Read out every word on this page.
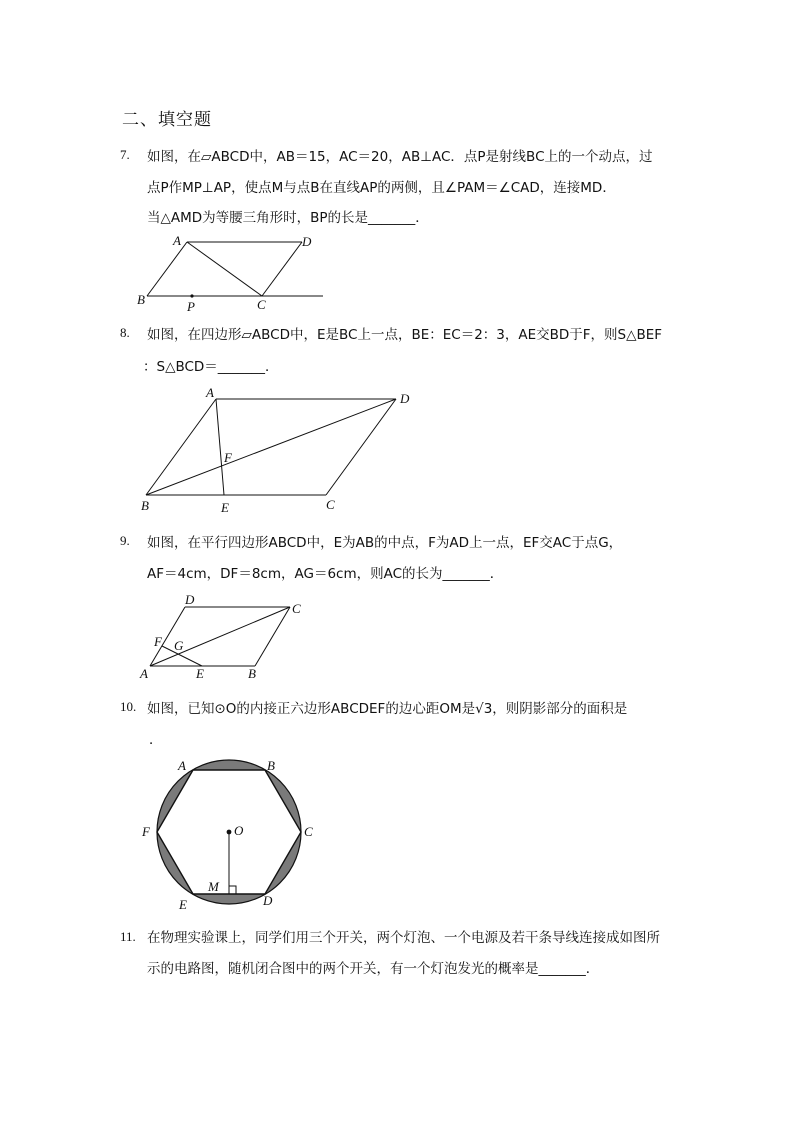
二、填空题
7. 如图，在▱ABCD中，AB＝15，AC＝20，AB⊥AC．点P是射线BC上的一个动点，过
点P作MP⊥AP，使点M与点B在直线AP的两侧，且∠PAM＝∠CAD，连接MD．
当△AMD为等腰三角形时，BP的长是_______．
A	D
B	P	C
8. 如图，在四边形▱ABCD中，E是BC上一点，BE：EC＝2：3，AE交BD于F，则S△BEF
：S△BCD＝_______．
A	D
F
B	E	C
9. 如图，在平行四边形ABCD中，E为AB的中点，F为AD上一点，EF交AC于点G，
AF＝4cm，DF＝8cm，AG＝6cm，则AC的长为_______．
D
C
F G
A	E	B
10. 如图，已知⊙O的内接正六边形ABCDEF的边心距OM是√3，则阴影部分的面积是
．
A	B
F	O	C
M
E	D
11. 在物理实验课上，同学们用三个开关，两个灯泡、一个电源及若干条导线连接成如图所
示的电路图，随机闭合图中的两个开关，有一个灯泡发光的概率是_______．
